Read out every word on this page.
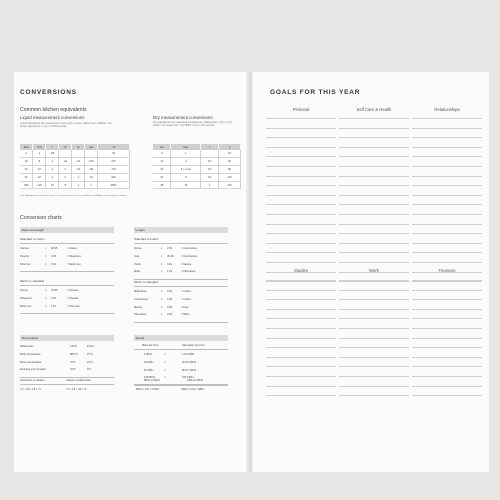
CONVERSIONS
Common kitchen equivalents
Liquid measurement conversions
Liquid ingredients are measured in cups, pints, quarts, gallons per millilitres. For these ingredients, 1 cup = 8 fluid ounces.
tbsp	fl oz	c	pt	qt	gal	ml
2	1	1/8				30
16	8	1	1/2	1/4	1/16	237
32	16	2	1	1/2	1/8	473
62	32	4	2	1	1/4	946
256	128	16	8	4	1	3800
Dry measurement conversions
Dry ingredients are measured in teaspoons, tablespoons, cups, or by weight. For these cup = 16 TBSP, 1 cup = 8.0 ounces.
tsp	tbsp	c	g
3	1		15
12	4	1/4	60
16	5 + 1 tsp	1/3	80
24	8	1/2	120
48	16	1	240
tbsp Tablespoons fl oz Fluid Ounces c Cups pt Pints qt Quarts gal Gallons ml Millilitres tsp Teaspoon g Grams
Conversion charts
Mass and weight
Standard to metric
Ounces	x 28.35	= Grams
Pounds	x 0.45	= Kilograms
Short ton	x 0.91	= Metric ton
Metric to standard
Grams	x 0.035	= Ounces
Kilograms	x 2.20	= Pounds
Metric ton	x 1.10	= Short ton
Length
Standard to metric
Inches	x 2.54	= Centimetres
Feet	x 30.48	= Centimetres
Yards	x 0.91	= Metres
Miles	x 1.61	= Kilometres
Metric to standard
Millimetres	x 0.04	= Inches
Centimetres	x 0.39	= Inches
Metres	x 3.28	= Feet
Kilometres	x 0.62	= Miles
Temperature
Water boils	212°F	100°C
Body temperature	98.6°F	37°C
Room temperature	70°F	21°C
Freezing point of water	32°F	0°C
Fahrenheit to Celsius	Celsius to Fahrenheit
(°F - 32) / 1.8 = °C	°C x 1.8 + 32 = °F
Speed
Miles per hour	Kilometres per hour
1 MPH	=	1.61 KM/H
25 MPH	=	40.23 KM/H
50 MPH	=	80.47 KM/H
100 MPH	=	161 KM/H
MPH to KM/H	KM/H to MPH
MPH x 1.61 = KM/H	KM/H x 0.62 = MPH
GOALS FOR THIS YEAR
Personal	Self Care & Health	Relationships
Studies	Work	Finances
